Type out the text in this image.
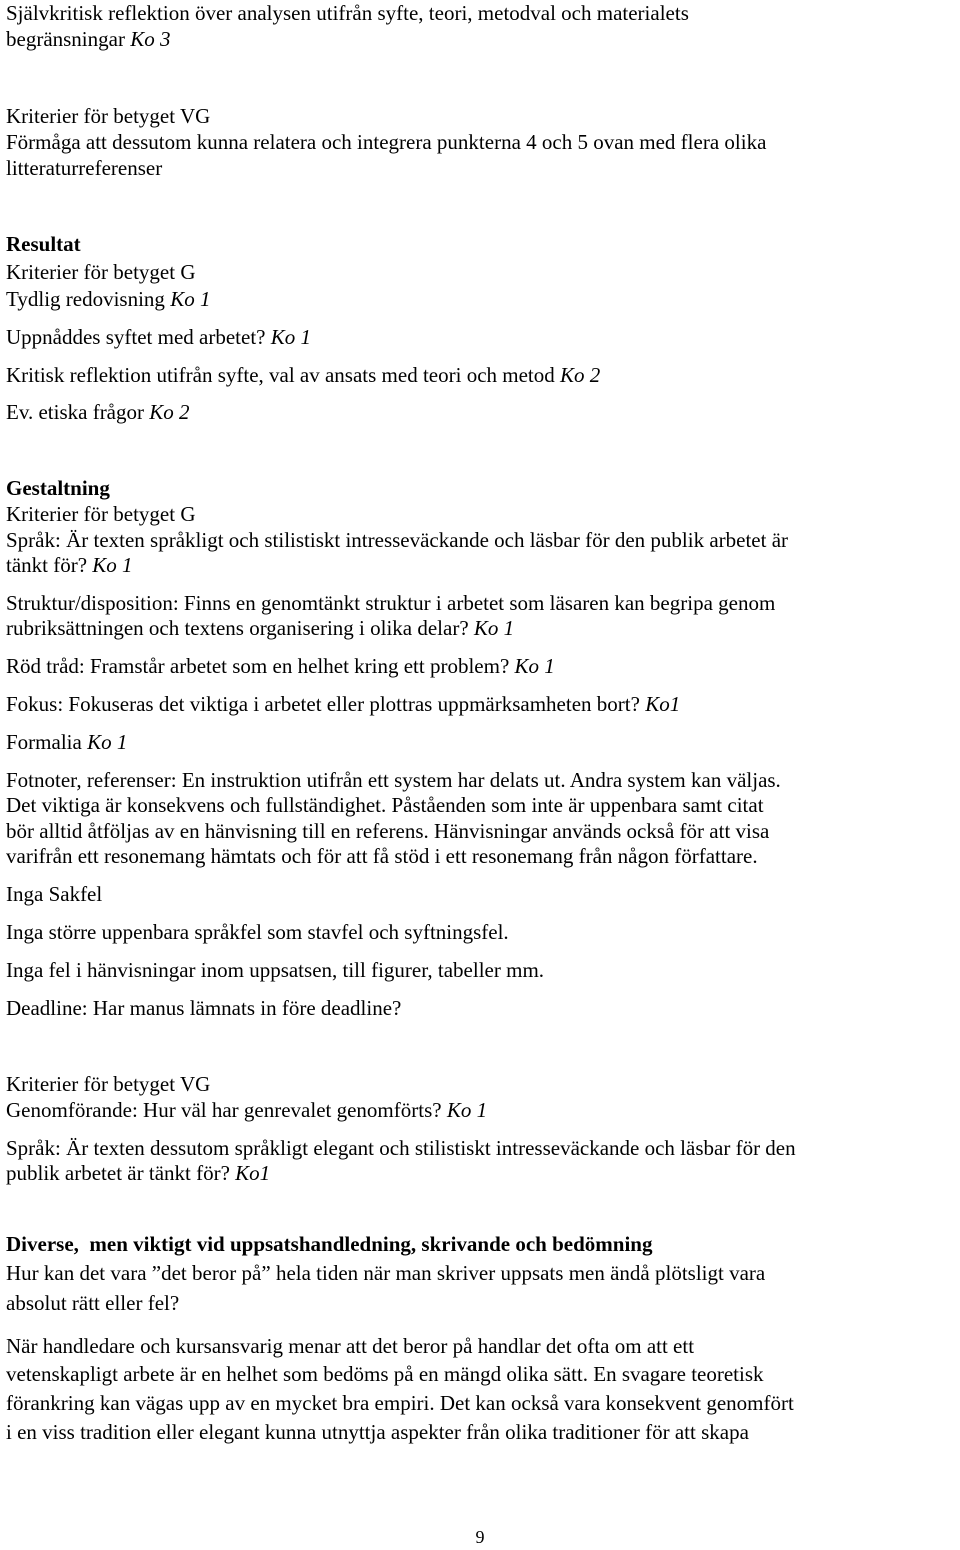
Självkritisk reflektion över analysen utifrån syfte, teori, metodval och materialets

begränsningar Ko 3

Kriterier för betyget VG

Förmåga att dessutom kunna relatera och integrera punkterna 4 och 5 ovan med flera olika

litteraturreferenser

Resultat

Kriterier för betyget G

Tydlig redovisning Ko 1

Uppnåddes syftet med arbetet? Ko 1

Kritisk reflektion utifrån syfte, val av ansats med teori och metod Ko 2

Ev. etiska frågor Ko 2

Gestaltning

Kriterier för betyget G

Språk: Är texten språkligt och stilistiskt intresseväckande och läsbar för den publik arbetet är

tänkt för? Ko 1

Struktur/disposition: Finns en genomtänkt struktur i arbetet som läsaren kan begripa genom

rubriksättningen och textens organisering i olika delar? Ko 1

Röd tråd: Framstår arbetet som en helhet kring ett problem? Ko 1

Fokus: Fokuseras det viktiga i arbetet eller plottras uppmärksamheten bort? Ko1

Formalia Ko 1

Fotnoter, referenser: En instruktion utifrån ett system har delats ut. Andra system kan väljas.

Det viktiga är konsekvens och fullständighet. Påståenden som inte är uppenbara samt citat

bör alltid åtföljas av en hänvisning till en referens. Hänvisningar används också för att visa

varifrån ett resonemang hämtats och för att få stöd i ett resonemang från någon författare.

Inga Sakfel

Inga större uppenbara språkfel som stavfel och syftningsfel.

Inga fel i hänvisningar inom uppsatsen, till figurer, tabeller mm.

Deadline: Har manus lämnats in före deadline?

Kriterier för betyget VG

Genomförande: Hur väl har genrevalet genomförts? Ko 1

Språk: Är texten dessutom språkligt elegant och stilistiskt intresseväckande och läsbar för den

publik arbetet är tänkt för? Ko1

Diverse,  men viktigt vid uppsatshandledning, skrivande och bedömning

Hur kan det vara ”det beror på” hela tiden när man skriver uppsats men ändå plötsligt vara

absolut rätt eller fel?

När handledare och kursansvarig menar att det beror på handlar det ofta om att ett

vetenskapligt arbete är en helhet som bedöms på en mängd olika sätt. En svagare teoretisk

förankring kan vägas upp av en mycket bra empiri. Det kan också vara konsekvent genomfört

i en viss tradition eller elegant kunna utnyttja aspekter från olika traditioner för att skapa

9
